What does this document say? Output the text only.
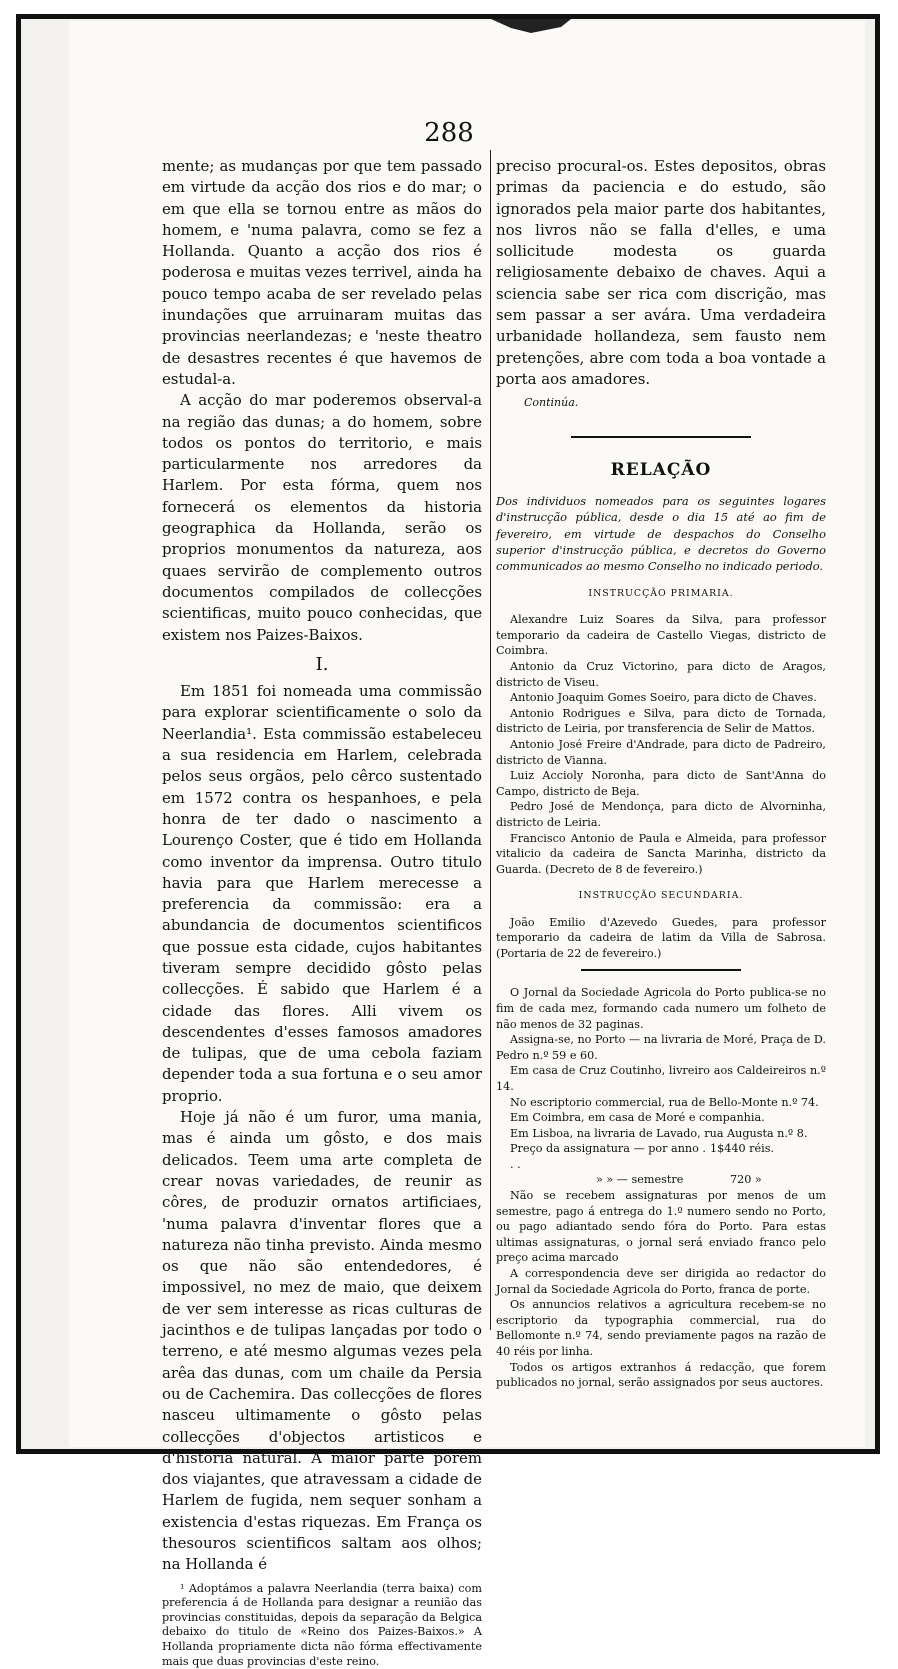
288

mente; as mudanças por que tem passado em virtude da acção dos rios e do mar; o em que ella se tornou entre as mãos do homem, e 'numa palavra, como se fez a Hollanda. Quanto a acção dos rios é poderosa e muitas vezes terrivel, ainda ha pouco tempo acaba de ser revelado pelas inundações que arruinaram muitas das provincias neerlandezas; e 'neste theatro de desastres recentes é que havemos de estudal-a.

A acção do mar poderemos observal-a na região das dunas; a do homem, sobre todos os pontos do territorio, e mais particularmente nos arredores da Harlem. Por esta fórma, quem nos fornecerá os elementos da historia geographica da Hollanda, serão os proprios monumentos da natureza, aos quaes servirão de complemento outros documentos compilados de collecções scientificas, muito pouco conhecidas, que existem nos Paizes-Baixos.

I.

Em 1851 foi nomeada uma commissão para explorar scientificamente o solo da Neerlandia¹. Esta commissão estabeleceu a sua residencia em Harlem, celebrada pelos seus orgãos, pelo cêrco sustentado em 1572 contra os hespanhoes, e pela honra de ter dado o nascimento a Lourenço Coster, que é tido em Hollanda como inventor da imprensa. Outro titulo havia para que Harlem merecesse a preferencia da commissão: era a abundancia de documentos scientificos que possue esta cidade, cujos habitantes tiveram sempre decidido gôsto pelas collecções. É sabido que Harlem é a cidade das flores. Alli vivem os descendentes d'esses famosos amadores de tulipas, que de uma cebola faziam depender toda a sua fortuna e o seu amor proprio.

Hoje já não é um furor, uma mania, mas é ainda um gôsto, e dos mais delicados. Teem uma arte completa de crear novas variedades, de reunir as côres, de produzir ornatos artificiaes, 'numa palavra d'inventar flores que a natureza não tinha previsto. Ainda mesmo os que não são entendedores, é impossivel, no mez de maio, que deixem de ver sem interesse as ricas culturas de jacinthos e de tulipas lançadas por todo o terreno, e até mesmo algumas vezes pela arêa das dunas, com um chaile da Persia ou de Cachemira. Das collecções de flores nasceu ultimamente o gôsto pelas collecções d'objectos artisticos e d'historia natural. A maior parte porém dos viajantes, que atravessam a cidade de Harlem de fugida, nem sequer sonham a existencia d'estas riquezas. Em França os thesouros scientificos saltam aos olhos; na Hollanda é

¹ Adoptámos a palavra Neerlandia (terra baixa) com preferencia á de Hollanda para designar a reunião das provincias constituidas, depois da separação da Belgica debaixo do titulo de «Reino dos Paizes-Baixos.» A Hollanda propriamente dicta não fórma effectivamente mais que duas provincias d'este reino.

preciso procural-os. Estes depositos, obras primas da paciencia e do estudo, são ignorados pela maior parte dos habitantes, nos livros não se falla d'elles, e uma sollicitude modesta os guarda religiosamente debaixo de chaves. Aqui a sciencia sabe ser rica com discrição, mas sem passar a ser avára. Uma verdadeira urbanidade hollandeza, sem fausto nem pretenções, abre com toda a boa vontade a porta aos amadores.

Continúa.
RELAÇÃO

Dos individuos nomeados para os seguintes logares d'instrucção pública, desde o dia 15 até ao fim de fevereiro, em virtude de despachos do Conselho superior d'instrucção pública, e decretos do Governo communicados ao mesmo Conselho no indicado periodo.

INSTRUCÇÃO PRIMARIA.

Alexandre Luiz Soares da Silva, para professor temporario da cadeira de Castello Viegas, districto de Coimbra.

Antonio da Cruz Victorino, para dicto de Aragos, districto de Viseu.

Antonio Joaquim Gomes Soeiro, para dicto de Chaves.

Antonio Rodrigues e Silva, para dicto de Tornada, districto de Leiria, por transferencia de Selir de Mattos.

Antonio José Freire d'Andrade, para dicto de Padreiro, districto de Vianna.

Luiz Accioly Noronha, para dicto de Sant'Anna do Campo, districto de Beja.

Pedro José de Mendonça, para dicto de Alvorninha, districto de Leiria.

Francisco Antonio de Paula e Almeida, para professor vitalicio da cadeira de Sancta Marinha, districto da Guarda. (Decreto de 8 de fevereiro.)

INSTRUCÇÃO SECUNDARIA.

João Emilio d'Azevedo Guedes, para professor temporario da cadeira de latim da Villa de Sabrosa. (Portaria de 22 de fevereiro.)

O Jornal da Sociedade Agricola do Porto publica-se no fim de cada mez, formando cada numero um folheto de não menos de 32 paginas.

Assigna-se, no Porto — na livraria de Moré, Praça de D. Pedro n.º 59 e 60.

Em casa de Cruz Coutinho, livreiro aos Caldeireiros n.º 14.

No escriptorio commercial, rua de Bello-Monte n.º 74.

Em Coimbra, em casa de Moré e companhia.

Em Lisboa, na livraria de Lavado, rua Augusta n.º 8.

Preço da assignatura — por anno . . .
1$440 réis.
» » — semestre	720 »

Não se recebem assignaturas por menos de um semestre, pago á entrega do 1.º numero sendo no Porto, ou pago adiantado sendo fóra do Porto. Para estas ultimas assignaturas, o jornal será enviado franco pelo preço acima marcado

A correspondencia deve ser dirigida ao redactor do Jornal da Sociedade Agricola do Porto, franca de porte.

Os annuncios relativos a agricultura recebem-se no escriptorio da typographia commercial, rua do Bellomonte n.º 74, sendo previamente pagos na razão de 40 réis por linha.

Todos os artigos extranhos á redacção, que forem publicados no jornal, serão assignados por seus auctores.
